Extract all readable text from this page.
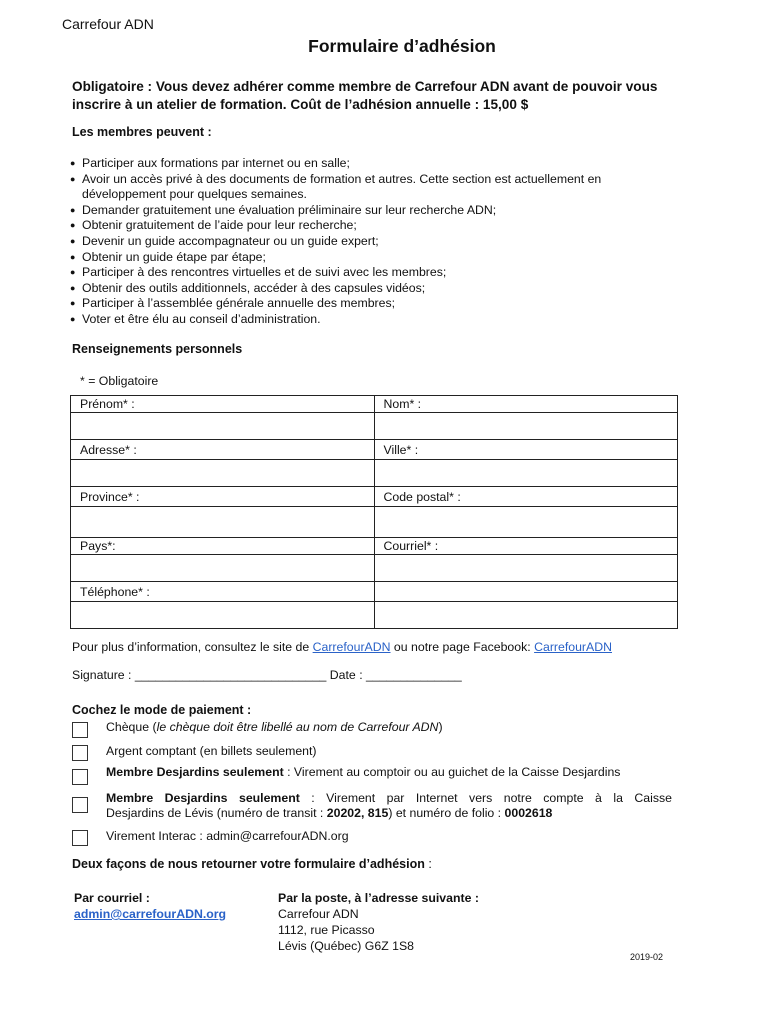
Carrefour ADN
Formulaire d’adhésion
Obligatoire : Vous devez adhérer comme membre de Carrefour ADN avant de pouvoir vous
inscrire à un atelier de formation. Coût de l’adhésion annuelle : 15,00 $
Les membres peuvent :
● Participer aux formations par internet ou en salle;
● Avoir un accès privé à des documents de formation et autres. Cette section est actuellement en développement pour quelques semaines.
● Demander gratuitement une évaluation préliminaire sur leur recherche ADN;
● Obtenir gratuitement de l’aide pour leur recherche;
● Devenir un guide accompagnateur ou un guide expert;
● Obtenir un guide étape par étape;
● Participer à des rencontres virtuelles et de suivi avec les membres;
● Obtenir des outils additionnels, accéder à des capsules vidéos;
● Participer à l’assemblée générale annuelle des membres;
● Voter et être élu au conseil d’administration.
Renseignements personnels
* = Obligatoire
Prénom* :	Nom* :

Adresse* :	Ville* :

Province* :	Code postal* :

Pays*:	Courriel* :

Téléphone* :	

Pour plus d’information, consultez le site de CarrefourADN ou notre page Facebook: CarrefourADN
Signature : ____________________________ Date : ______________
Cochez le mode de paiement :
Chèque (le chèque doit être libellé au nom de Carrefour ADN)
Argent comptant (en billets seulement)
Membre Desjardins seulement : Virement au comptoir ou au guichet de la Caisse Desjardins
Membre Desjardins seulement : Virement par Internet vers notre compte à la Caisse
Desjardins de Lévis (numéro de transit : 20202, 815) et numéro de folio : 0002618
Virement Interac : admin@carrefourADN.org
Deux façons de nous retourner votre formulaire d’adhésion :
Par courriel :
admin@carrefourADN.org
Par la poste, à l’adresse suivante :
Carrefour ADN
1112, rue Picasso
Lévis (Québec) G6Z 1S8
2019-02
